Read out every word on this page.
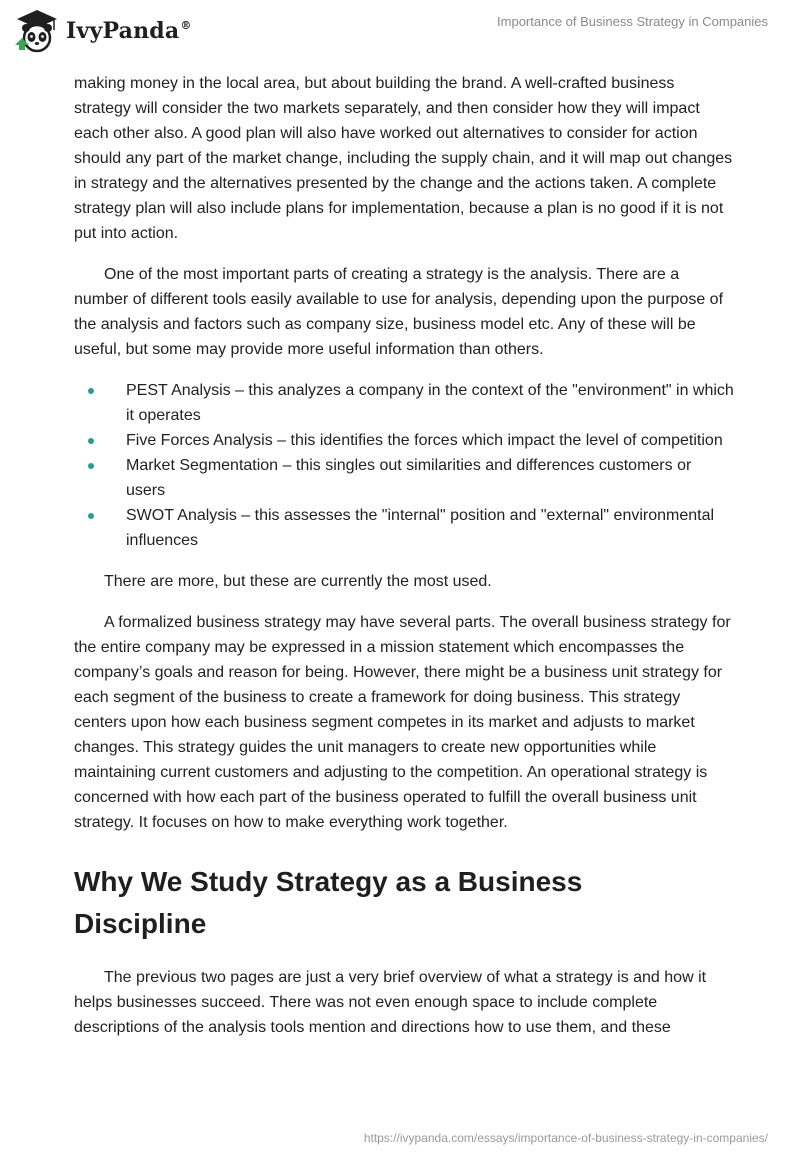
IvyPanda®	Importance of Business Strategy in Companies

making money in the local area, but about building the brand. A well-crafted business strategy will consider the two markets separately, and then consider how they will impact each other also. A good plan will also have worked out alternatives to consider for action should any part of the market change, including the supply chain, and it will map out changes in strategy and the alternatives presented by the change and the actions taken. A complete strategy plan will also include plans for implementation, because a plan is no good if it is not put into action.

One of the most important parts of creating a strategy is the analysis. There are a number of different tools easily available to use for analysis, depending upon the purpose of the analysis and factors such as company size, business model etc. Any of these will be useful, but some may provide more useful information than others.

PEST Analysis – this analyzes a company in the context of the "environment" in which it operates
Five Forces Analysis – this identifies the forces which impact the level of competition
Market Segmentation – this singles out similarities and differences customers or users
SWOT Analysis – this assesses the "internal" position and "external" environmental influences

There are more, but these are currently the most used.

A formalized business strategy may have several parts. The overall business strategy for the entire company may be expressed in a mission statement which encompasses the company’s goals and reason for being. However, there might be a business unit strategy for each segment of the business to create a framework for doing business. This strategy centers upon how each business segment competes in its market and adjusts to market changes. This strategy guides the unit managers to create new opportunities while maintaining current customers and adjusting to the competition. An operational strategy is concerned with how each part of the business operated to fulfill the overall business unit strategy. It focuses on how to make everything work together.

Why We Study Strategy as a Business Discipline

The previous two pages are just a very brief overview of what a strategy is and how it helps businesses succeed. There was not even enough space to include complete descriptions of the analysis tools mention and directions how to use them, and these

https://ivypanda.com/essays/importance-of-business-strategy-in-companies/
